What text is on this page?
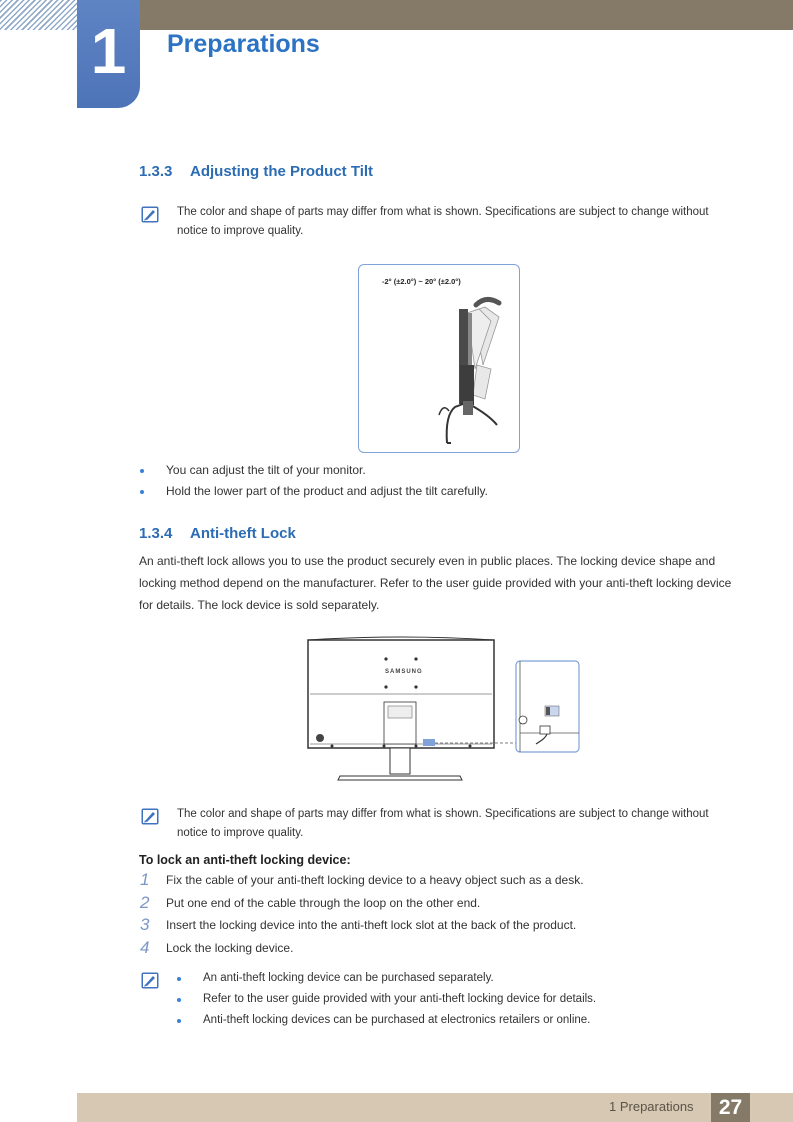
1 Preparations
1.3.3 Adjusting the Product Tilt
The color and shape of parts may differ from what is shown. Specifications are subject to change without notice to improve quality.
-2° (±2.0°) ~ 20° (±2.0°)
You can adjust the tilt of your monitor.
Hold the lower part of the product and adjust the tilt carefully.
1.3.4 Anti-theft Lock
An anti-theft lock allows you to use the product securely even in public places. The locking device shape and locking method depend on the manufacturer. Refer to the user guide provided with your anti-theft locking device for details. The lock device is sold separately.
SAMSUNG
The color and shape of parts may differ from what is shown. Specifications are subject to change without notice to improve quality.
To lock an anti-theft locking device:
1 Fix the cable of your anti-theft locking device to a heavy object such as a desk.
2 Put one end of the cable through the loop on the other end.
3 Insert the locking device into the anti-theft lock slot at the back of the product.
4 Lock the locking device.
An anti-theft locking device can be purchased separately.
Refer to the user guide provided with your anti-theft locking device for details.
Anti-theft locking devices can be purchased at electronics retailers or online.
1 Preparations	27
